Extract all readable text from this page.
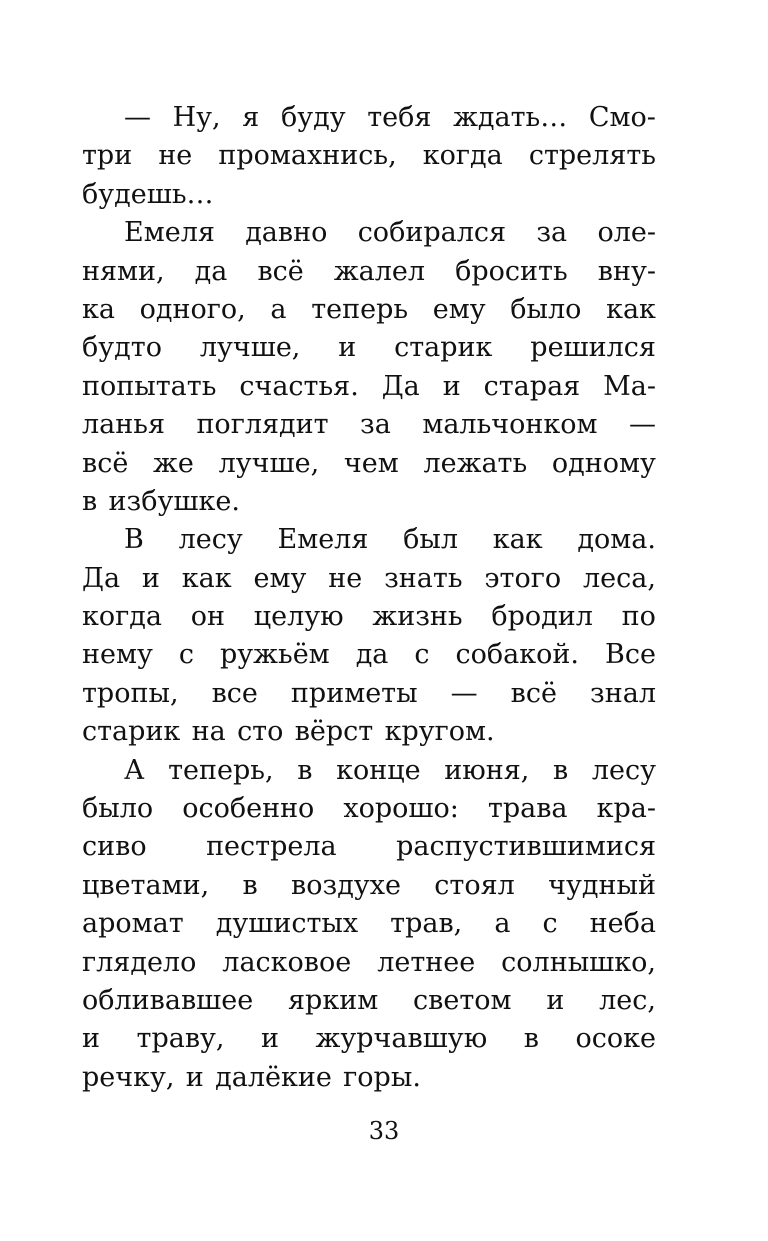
— Ну, я буду тебя ждать… Смо-
три не промахнись, когда стрелять
будешь…
Емеля давно собирался за оле-
нями, да всё жалел бросить вну-
ка одного, а теперь ему было как
будто лучше, и старик решился
попытать счастья. Да и старая Ма-
ланья поглядит за мальчонком —
всё же лучше, чем лежать одному
в избушке.
В лесу Емеля был как дома.
Да и как ему не знать этого леса,
когда он целую жизнь бродил по
нему с ружьём да с собакой. Все
тропы, все приметы — всё знал
старик на сто вёрст кругом.
А теперь, в конце июня, в лесу
было особенно хорошо: трава кра-
сиво пестрела распустившимися
цветами, в воздухе стоял чудный
аромат душистых трав, а с неба
глядело ласковое летнее солнышко,
обливавшее ярким светом и лес,
и траву, и журчавшую в осоке
речку, и далёкие горы.
33
